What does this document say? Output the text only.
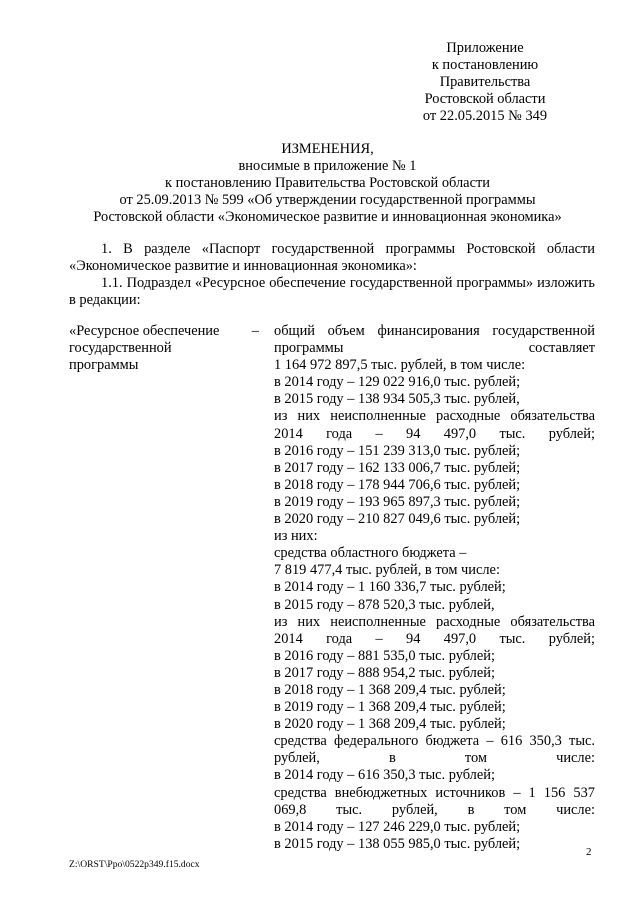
Приложение
к постановлению
Правительства
Ростовской области
от 22.05.2015 № 349
ИЗМЕНЕНИЯ,
вносимые в приложение № 1
к постановлению Правительства Ростовской области
от 25.09.2013 № 599 «Об утверждении государственной программы
Ростовской области «Экономическое развитие и инновационная экономика»
1. В разделе «Паспорт государственной программы Ростовской области «Экономическое развитие и инновационная экономика»:
1.1. Подраздел «Ресурсное обеспечение государственной программы» изложить в редакции:
«Ресурсное обеспечение –
государственной
программы
общий объем финансирования государственной программы составляет
1 164 972 897,5 тыс. рублей, в том числе:
в 2014 году – 129 022 916,0 тыс. рублей;
в 2015 году – 138 934 505,3 тыс. рублей,
из них неисполненные расходные обязательства 2014 года – 94 497,0 тыс. рублей;
в 2016 году – 151 239 313,0 тыс. рублей;
в 2017 году – 162 133 006,7 тыс. рублей;
в 2018 году – 178 944 706,6 тыс. рублей;
в 2019 году – 193 965 897,3 тыс. рублей;
в 2020 году – 210 827 049,6 тыс. рублей;
из них:
средства областного бюджета –
7 819 477,4 тыс. рублей, в том числе:
в 2014 году – 1 160 336,7 тыс. рублей;
в 2015 году – 878 520,3 тыс. рублей,
из них неисполненные расходные обязательства 2014 года – 94 497,0 тыс. рублей;
в 2016 году – 881 535,0 тыс. рублей;
в 2017 году – 888 954,2 тыс. рублей;
в 2018 году – 1 368 209,4 тыс. рублей;
в 2019 году – 1 368 209,4 тыс. рублей;
в 2020 году – 1 368 209,4 тыс. рублей;
средства федерального бюджета – 616 350,3 тыс. рублей, в том числе:
в 2014 году – 616 350,3 тыс. рублей;
средства внебюджетных источников – 1 156 537 069,8 тыс. рублей, в том числе:
в 2014 году – 127 246 229,0 тыс. рублей;
в 2015 году – 138 055 985,0 тыс. рублей;
Z:\ORST\Ppo\0522p349.f15.docx
2
